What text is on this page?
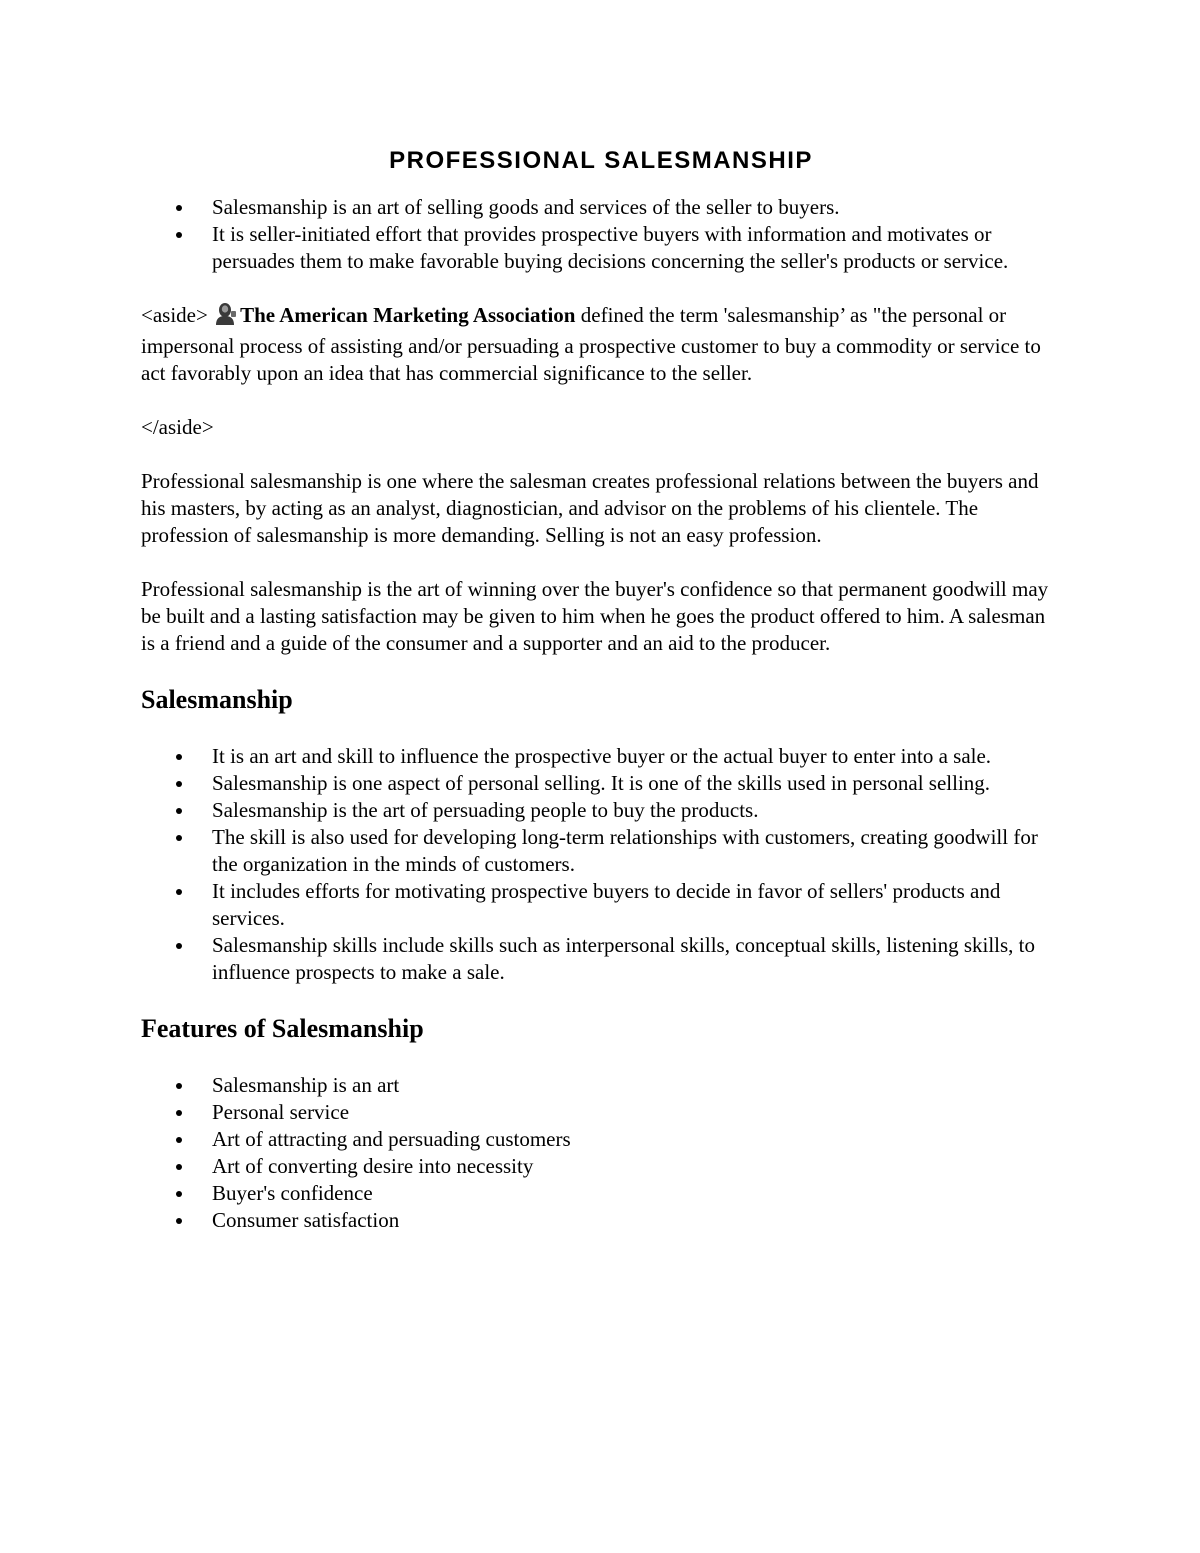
PROFESSIONAL SALESMANSHIP
Salesmanship is an art of selling goods and services of the seller to buyers.
It is seller-initiated effort that provides prospective buyers with information and motivates or persuades them to make favorable buying decisions concerning the seller's products or service.

<aside> The American Marketing Association defined the term 'salesmanship’ as "the personal or impersonal process of assisting and/or persuading a prospective customer to buy a commodity or service to act favorably upon an idea that has commercial significance to the seller.

</aside>

Professional salesmanship is one where the salesman creates professional relations between the buyers and his masters, by acting as an analyst, diagnostician, and advisor on the problems of his clientele. The profession of salesmanship is more demanding. Selling is not an easy profession.

Professional salesmanship is the art of winning over the buyer's confidence so that permanent goodwill may be built and a lasting satisfaction may be given to him when he goes the product offered to him. A salesman is a friend and a guide of the consumer and a supporter and an aid to the producer.

Salesmanship
It is an art and skill to influence the prospective buyer or the actual buyer to enter into a sale.
Salesmanship is one aspect of personal selling. It is one of the skills used in personal selling.
Salesmanship is the art of persuading people to buy the products.
The skill is also used for developing long-term relationships with customers, creating goodwill for the organization in the minds of customers.
It includes efforts for motivating prospective buyers to decide in favor of sellers' products and services.
Salesmanship skills include skills such as interpersonal skills, conceptual skills, listening skills, to influence prospects to make a sale.
Features of Salesmanship
Salesmanship is an art
Personal service
Art of attracting and persuading customers
Art of converting desire into necessity
Buyer's confidence
Consumer satisfaction
